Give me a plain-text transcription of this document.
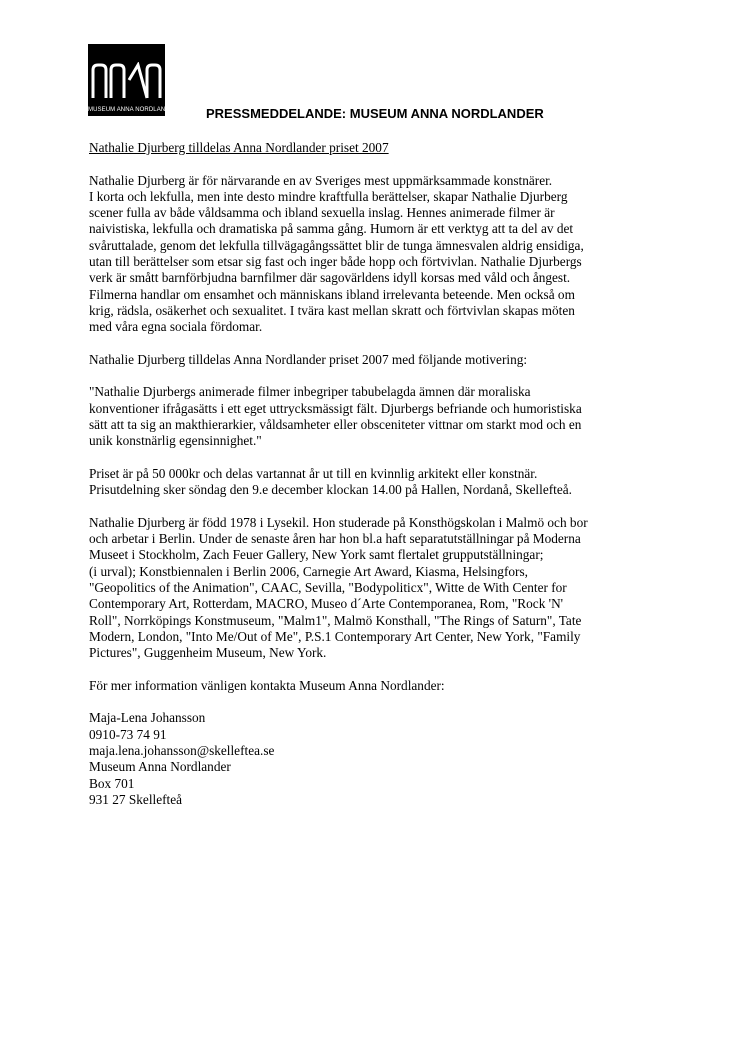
MUSEUM ANNA NORDLANDER PRESSMEDDELANDE: MUSEUM ANNA NORDLANDER

Nathalie Djurberg tilldelas Anna Nordlander priset 2007

Nathalie Djurberg är för närvarande en av Sveriges mest uppmärksammade konstnärer.
I korta och lekfulla, men inte desto mindre kraftfulla berättelser, skapar Nathalie Djurberg
scener fulla av både våldsamma och ibland sexuella inslag. Hennes animerade filmer är
naivistiska, lekfulla och dramatiska på samma gång. Humorn är ett verktyg att ta del av det
svåruttalade, genom det lekfulla tillvägagångssättet blir de tunga ämnesvalen aldrig ensidiga,
utan till berättelser som etsar sig fast och inger både hopp och förtvivlan. Nathalie Djurbergs
verk är smått barnförbjudna barnfilmer där sagovärldens idyll korsas med våld och ångest.
Filmerna handlar om ensamhet och människans ibland irrelevanta beteende. Men också om
krig, rädsla, osäkerhet och sexualitet. I tvära kast mellan skratt och förtvivlan skapas möten
med våra egna sociala fördomar.

Nathalie Djurberg tilldelas Anna Nordlander priset 2007 med följande motivering:

"Nathalie Djurbergs animerade filmer inbegriper tabubelagda ämnen där moraliska
konventioner ifrågasätts i ett eget uttrycksmässigt fält. Djurbergs befriande och humoristiska
sätt att ta sig an makthierarkier, våldsamheter eller obsceniteter vittnar om starkt mod och en
unik konstnärlig egensinnighet."

Priset är på 50 000kr och delas vartannat år ut till en kvinnlig arkitekt eller konstnär.
Prisutdelning sker söndag den 9.e december klockan 14.00 på Hallen, Nordanå, Skellefteå.

Nathalie Djurberg är född 1978 i Lysekil. Hon studerade på Konsthögskolan i Malmö och bor
och arbetar i Berlin. Under de senaste åren har hon bl.a haft separatutställningar på Moderna
Museet i Stockholm, Zach Feuer Gallery, New York samt flertalet grupputställningar;
(i urval); Konstbiennalen i Berlin 2006, Carnegie Art Award, Kiasma, Helsingfors,
"Geopolitics of the Animation", CAAC, Sevilla, "Bodypoliticx", Witte de With Center for
Contemporary Art, Rotterdam, MACRO, Museo d´Arte Contemporanea, Rom, "Rock 'N'
Roll", Norrköpings Konstmuseum, "Malm1", Malmö Konsthall, "The Rings of Saturn", Tate
Modern, London, "Into Me/Out of Me", P.S.1 Contemporary Art Center, New York, "Family
Pictures", Guggenheim Museum, New York.

För mer information vänligen kontakta Museum Anna Nordlander:

Maja-Lena Johansson
0910-73 74 91
maja.lena.johansson@skelleftea.se
Museum Anna Nordlander
Box 701
931 27 Skellefteå
